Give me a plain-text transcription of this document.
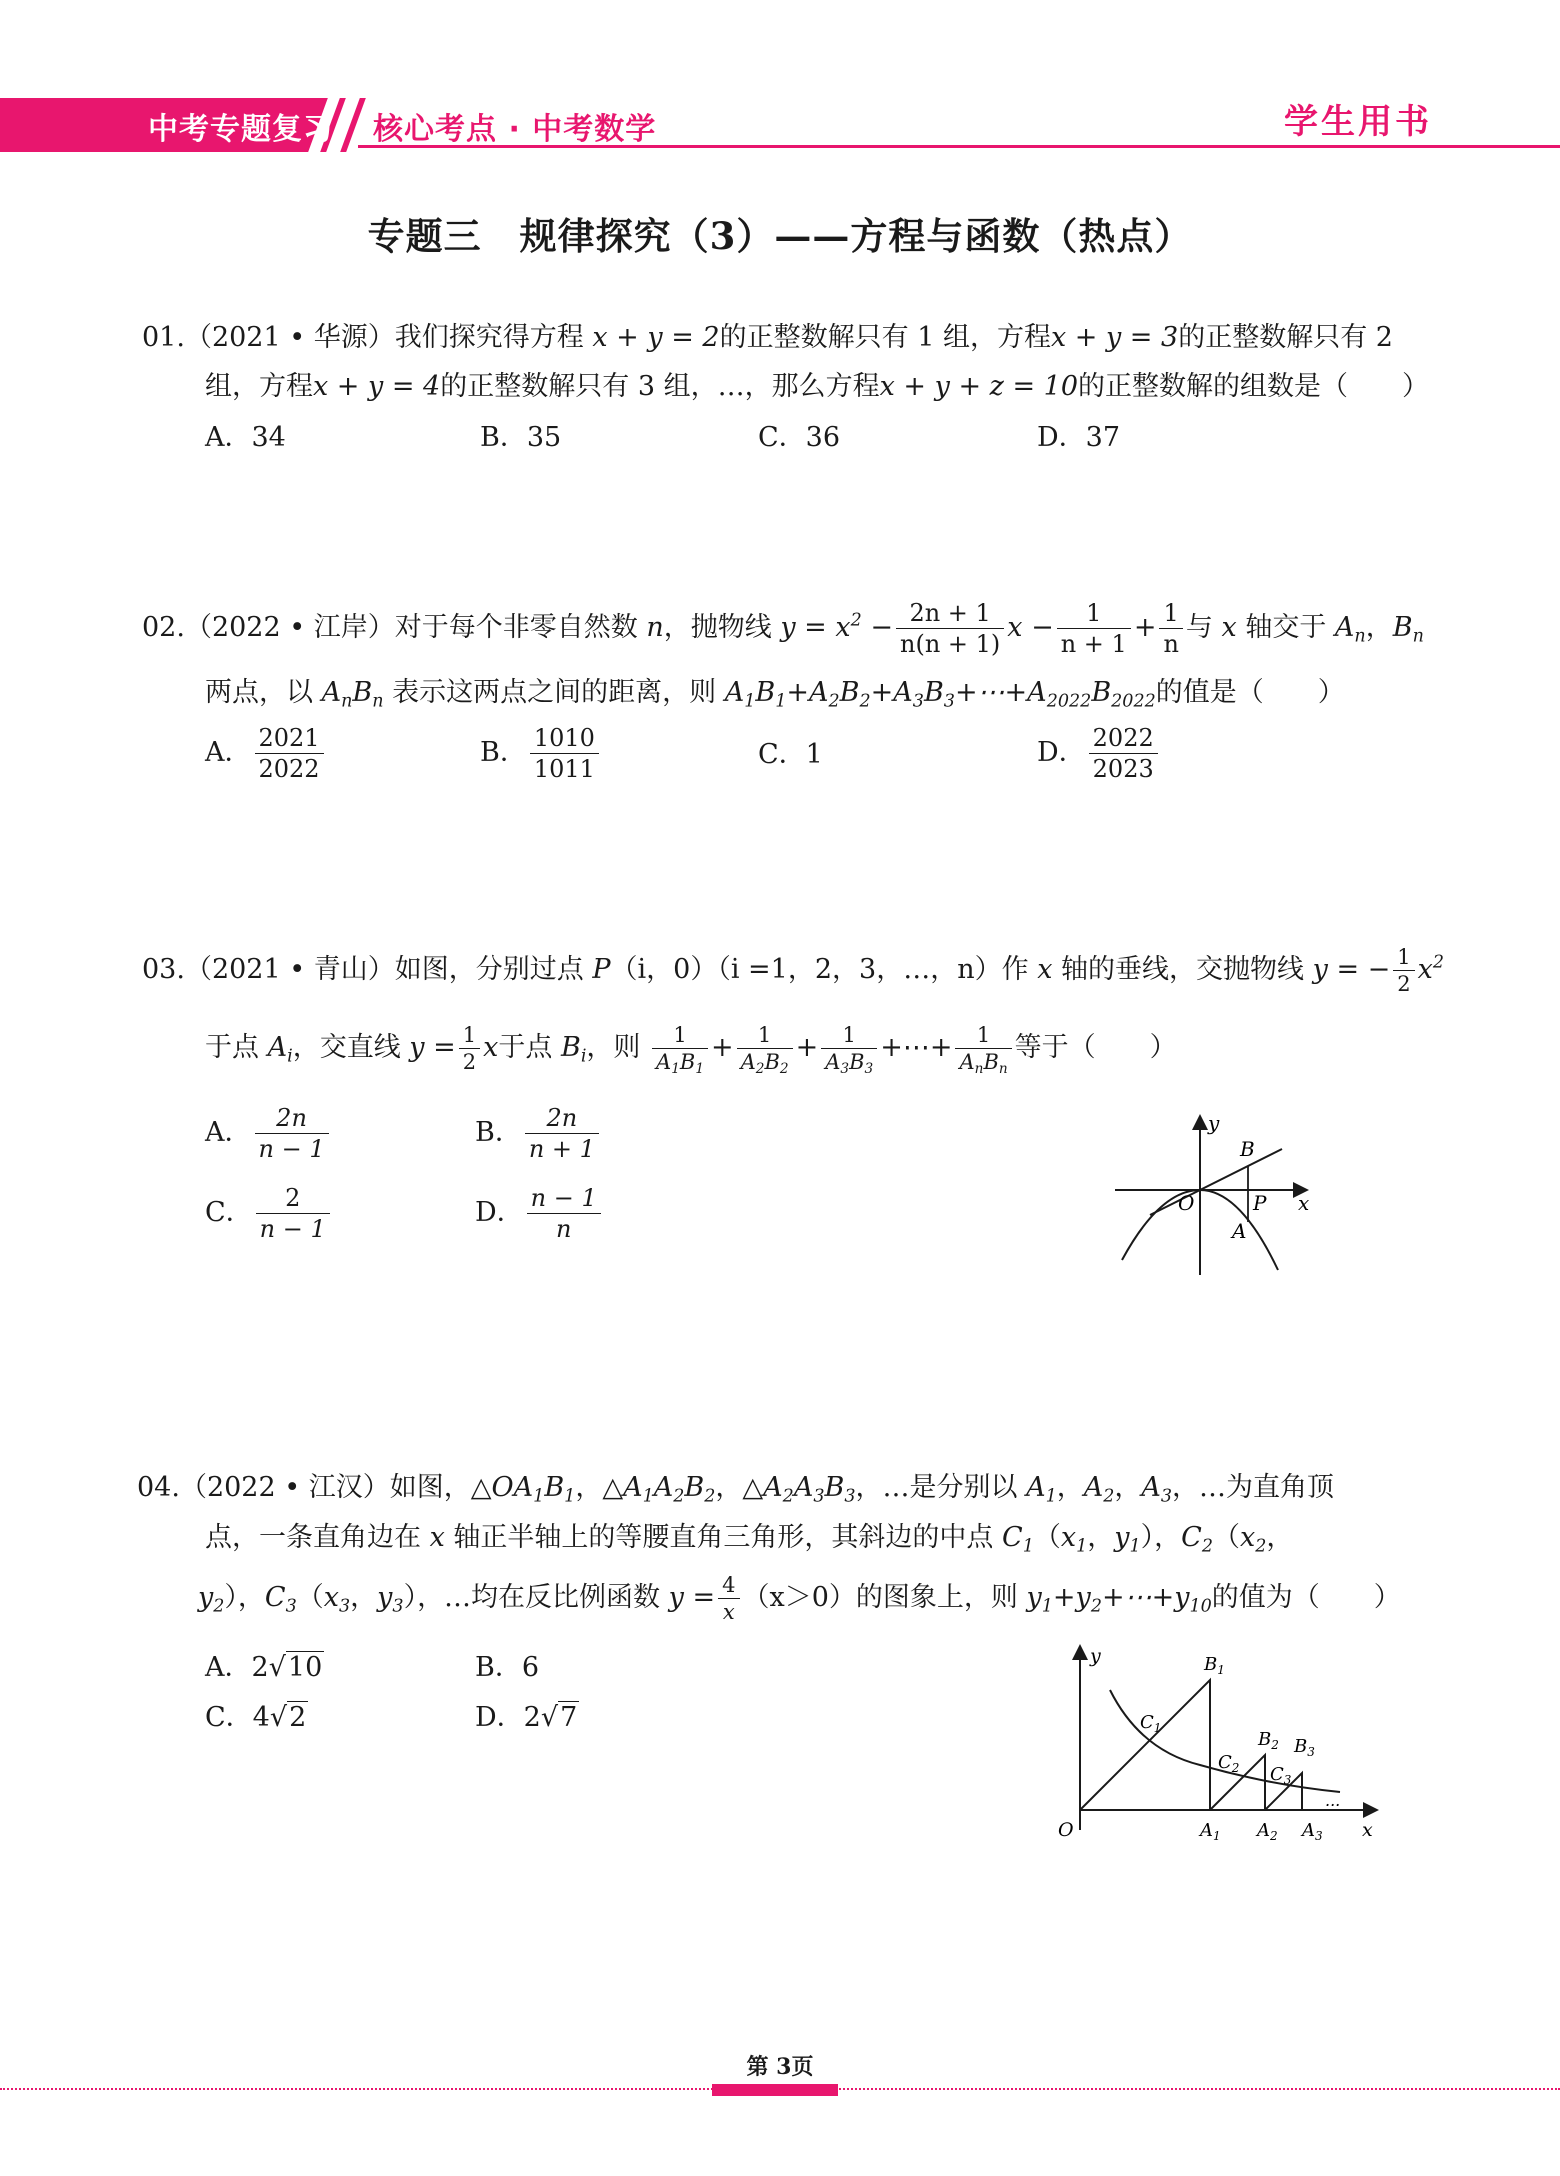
中考专题复习 核心考点 · 中考数学	学生用书
专题三　规律探究（3）——方程与函数（热点）
01.（2021 • 华源）我们探究得方程 x + y = 2的正整数解只有 1 组，方程x + y = 3的正整数解只有 2
组，方程x + y = 4的正整数解只有 3 组，…，那么方程x + y + z = 10的正整数解的组数是（　　）
A．34	B．35	C．36	D．37
02.（2022 • 江岸）对于每个非零自然数 n，抛物线 $y = x^2 - \frac{2n + 1}{n(n + 1)}$ $x - \frac{1}{n + 1} + \frac{1}{n}$ 与 x 轴交于 $A_n$，$B_n$
两点，以 $A_nB_n$ 表示这两点之间的距离，则 $A_1B_1+A_2B_2+A_3B_3+\cdots+A_{2022}B_{2022}$的值是（　　）
A． $\frac{2021}{2022}$	B． $\frac{1010}{1011}$	C．1	D． $\frac{2022}{2023}$
03.（2021 • 青山）如图，分别过点 P（i，0）（i =1，2，3，…，n）作 x 轴的垂线，交抛物线 y = − $\frac{1}{2} x^2$
于点 $A_i$，交直线 $y = \frac{1}{2}$ x于点 $B_i$，则 $\frac{1}{A_1B_1} + \frac{1}{A_2B_2} + \frac{1}{A_3B_3}$ +⋯+ $\frac{1}{A_nB_n}$ 等于（　　）
A． $\frac{2n}{n - 1}$	B． $\frac{2n}{n + 1}$
C． $\frac{2}{n - 1}$	D． $\frac{n - 1}{n}$
y
x
O
B
P
A
04.（2022 • 江汉）如图，$\triangle OA_1B_1$，$\triangle A_1A_2B_2$，$\triangle A_2A_3B_3$，…是分别以 $A_1$，$A_2$，$A_3$，…为直角顶
点，一条直角边在 x 轴正半轴上的等腰直角三角形，其斜边的中点 $C_1(x_1$，$y_1$），$C_2(x_2$，
$y_2$），$C_3(x_3$，$y_3$），…均在反比例函数 $y = \frac{4}{x} (x>0)$的图象上，则 $y_1+y_2+\cdots+y_{10}$的值为（　　）
A．2√10	B．6
C．4√2	D．2√7
y
x
O
$B_1$
$C_1$
$B_2$ $B_3$
$C_2$ $C_3$
$A_1$ $A_2$ $A_3$
...
第 3页
